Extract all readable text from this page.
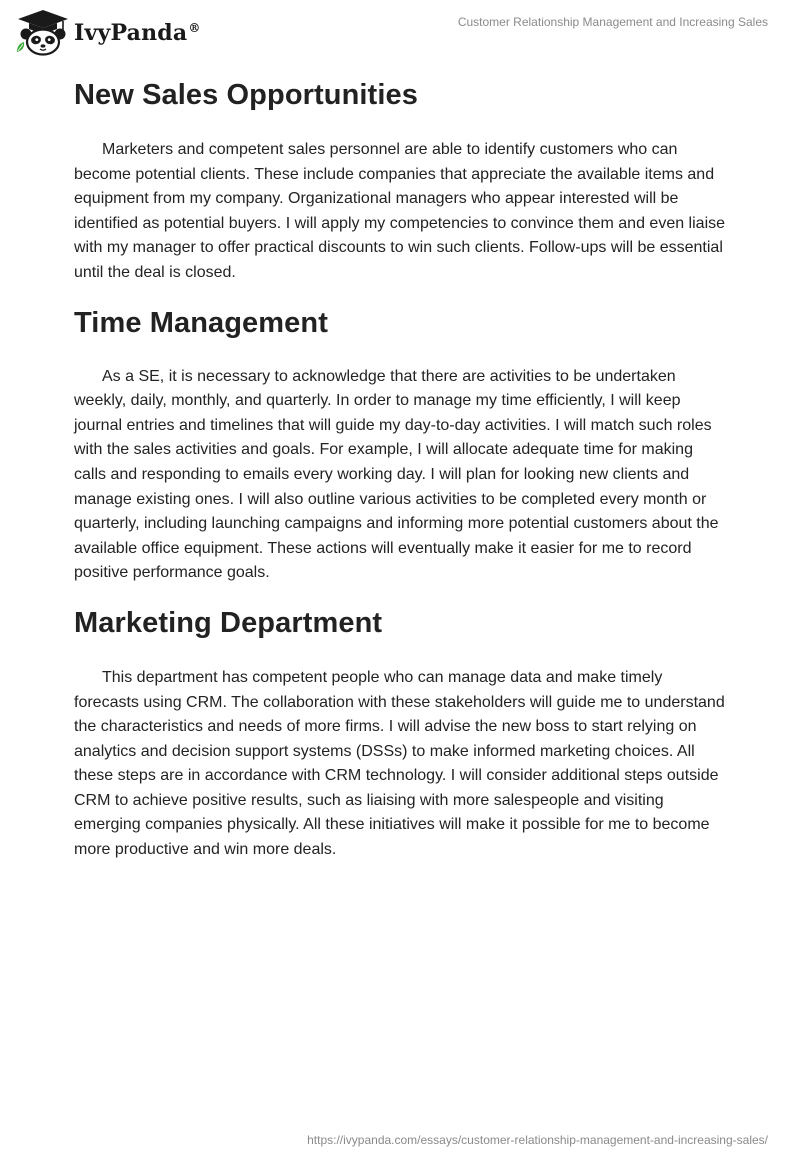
IvyPanda®	Customer Relationship Management and Increasing Sales
New Sales Opportunities

Marketers and competent sales personnel are able to identify customers who can become potential clients. These include companies that appreciate the available items and equipment from my company. Organizational managers who appear interested will be identified as potential buyers. I will apply my competencies to convince them and even liaise with my manager to offer practical discounts to win such clients. Follow-ups will be essential until the deal is closed.

Time Management

As a SE, it is necessary to acknowledge that there are activities to be undertaken weekly, daily, monthly, and quarterly. In order to manage my time efficiently, I will keep journal entries and timelines that will guide my day-to-day activities. I will match such roles with the sales activities and goals. For example, I will allocate adequate time for making calls and responding to emails every working day. I will plan for looking new clients and manage existing ones. I will also outline various activities to be completed every month or quarterly, including launching campaigns and informing more potential customers about the available office equipment. These actions will eventually make it easier for me to record positive performance goals.

Marketing Department

This department has competent people who can manage data and make timely forecasts using CRM. The collaboration with these stakeholders will guide me to understand the characteristics and needs of more firms. I will advise the new boss to start relying on analytics and decision support systems (DSSs) to make informed marketing choices. All these steps are in accordance with CRM technology. I will consider additional steps outside CRM to achieve positive results, such as liaising with more salespeople and visiting emerging companies physically. All these initiatives will make it possible for me to become more productive and win more deals.

https://ivypanda.com/essays/customer-relationship-management-and-increasing-sales/
